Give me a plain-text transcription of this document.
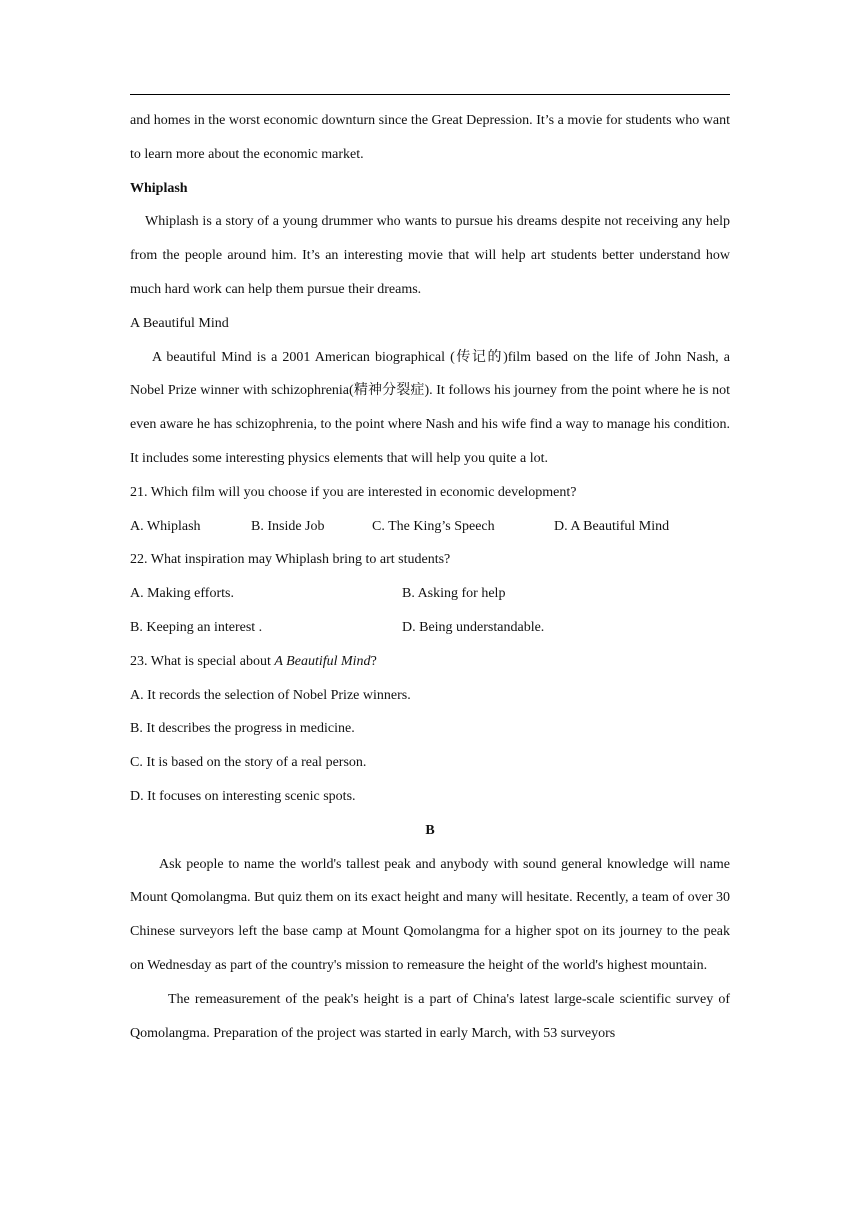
and homes in the worst economic downturn since the Great Depression. It’s a movie for students who want to learn more about the economic market.

Whiplash

Whiplash is a story of a young drummer who wants to pursue his dreams despite not receiving any help from the people around him. It’s an interesting movie that will help art students better understand how much hard work can help them pursue their dreams.

A Beautiful Mind

A beautiful Mind is a 2001 American biographical (传记的)film based on the life of John Nash, a Nobel Prize winner with schizophrenia(精神分裂症). It follows his journey from the point where he is not even aware he has schizophrenia, to the point where Nash and his wife find a way to manage his condition. It includes some interesting physics elements that will help you quite a lot.

21. Which film will you choose if you are interested in economic development?

A. Whiplash	B. Inside Job	C. The King’s Speech	D. A Beautiful Mind

22. What inspiration may Whiplash bring to art students?

A. Making efforts.	B. Asking for help
B. Keeping an interest .	D. Being understandable.

23. What is special about A Beautiful Mind?

A. It records the selection of Nobel Prize winners.

B. It describes the progress in medicine.

C. It is based on the story of a real person.

D. It focuses on interesting scenic spots.

B

Ask people to name the world's tallest peak and anybody with sound general knowledge will name Mount Qomolangma. But quiz them on its exact height and many will hesitate. Recently, a team of over 30 Chinese surveyors left the base camp at Mount Qomolangma for a higher spot on its journey to the peak on Wednesday as part of the country's mission to remeasure the height of the world's highest mountain.

The remeasurement of the peak's height is a part of China's latest large-scale scientific survey of Qomolangma. Preparation of the project was started in early March, with 53 surveyors
